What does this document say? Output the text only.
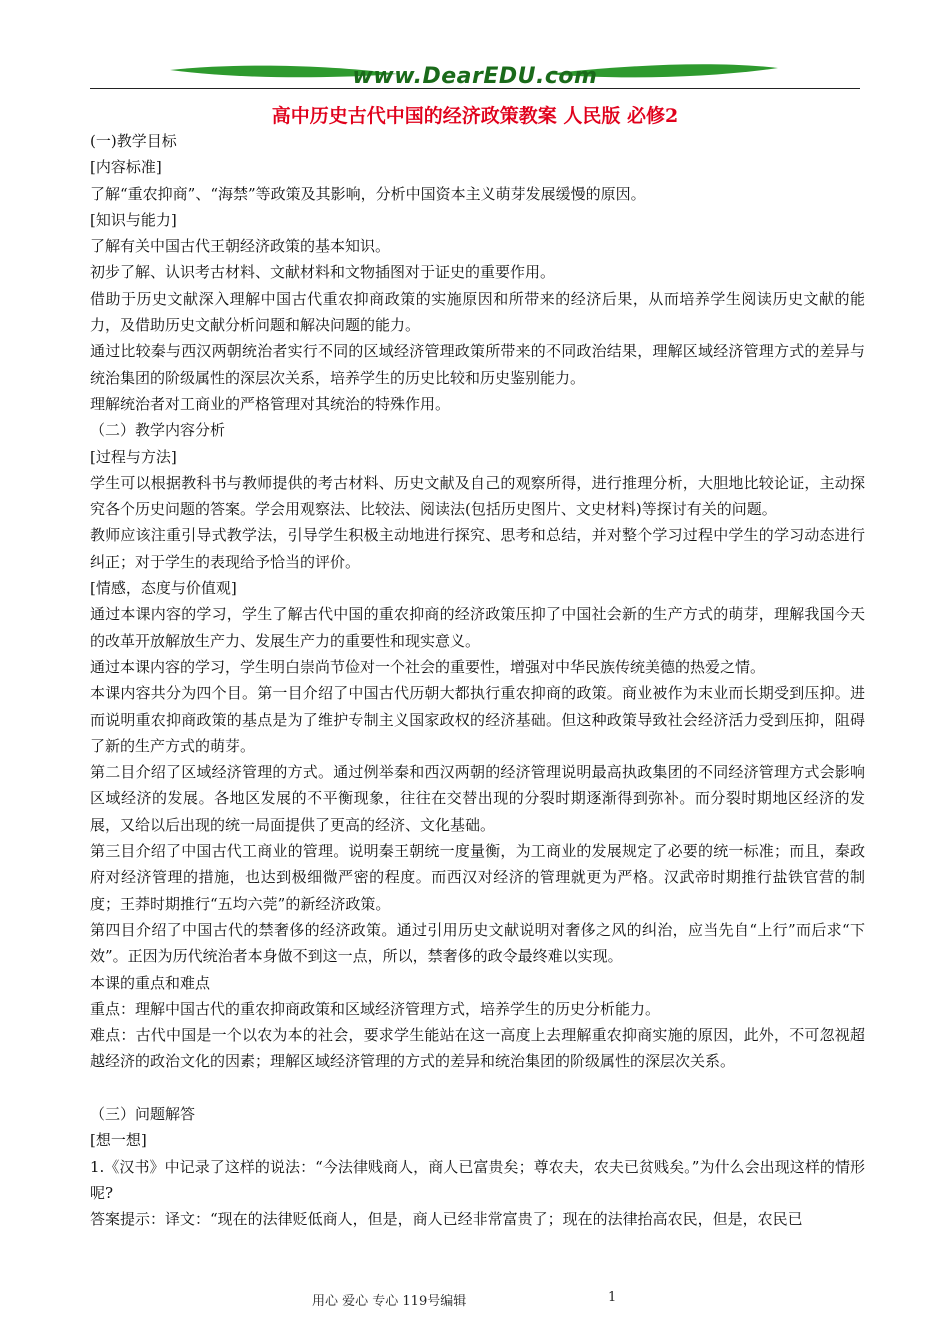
www.DearEDU.com
高中历史古代中国的经济政策教案 人民版 必修2

(一)教学目标

[内容标准]

了解“重农抑商”、“海禁”等政策及其影响，分析中国资本主义萌芽发展缓慢的原因。

[知识与能力]

了解有关中国古代王朝经济政策的基本知识。

初步了解、认识考古材料、文献材料和文物插图对于证史的重要作用。

借助于历史文献深入理解中国古代重农抑商政策的实施原因和所带来的经济后果，从而培养学生阅读历史文献的能力，及借助历史文献分析问题和解决问题的能力。

通过比较秦与西汉两朝统治者实行不同的区域经济管理政策所带来的不同政治结果，理解区域经济管理方式的差异与统治集团的阶级属性的深层次关系，培养学生的历史比较和历史鉴别能力。

理解统治者对工商业的严格管理对其统治的特殊作用。

（二）教学内容分析

[过程与方法]

学生可以根据教科书与教师提供的考古材料、历史文献及自己的观察所得，进行推理分析，大胆地比较论证，主动探究各个历史问题的答案。学会用观察法、比较法、阅读法(包括历史图片、文史材料)等探讨有关的问题。

教师应该注重引导式教学法，引导学生积极主动地进行探究、思考和总结，并对整个学习过程中学生的学习动态进行纠正；对于学生的表现给予恰当的评价。

[情感，态度与价值观]

通过本课内容的学习，学生了解古代中国的重农抑商的经济政策压抑了中国社会新的生产方式的萌芽，理解我国今天的改革开放解放生产力、发展生产力的重要性和现实意义。

通过本课内容的学习，学生明白崇尚节俭对一个社会的重要性，增强对中华民族传统美德的热爱之情。

本课内容共分为四个目。第一目介绍了中国古代历朝大都执行重农抑商的政策。商业被作为末业而长期受到压抑。进而说明重农抑商政策的基点是为了维护专制主义国家政权的经济基础。但这种政策导致社会经济活力受到压抑，阻碍了新的生产方式的萌芽。

第二目介绍了区域经济管理的方式。通过例举秦和西汉两朝的经济管理说明最高执政集团的不同经济管理方式会影响区域经济的发展。各地区发展的不平衡现象，往往在交替出现的分裂时期逐渐得到弥补。而分裂时期地区经济的发展，又给以后出现的统一局面提供了更高的经济、文化基础。

第三目介绍了中国古代工商业的管理。说明秦王朝统一度量衡，为工商业的发展规定了必要的统一标准；而且，秦政府对经济管理的措施，也达到极细微严密的程度。而西汉对经济的管理就更为严格。汉武帝时期推行盐铁官营的制度；王莽时期推行“五均六莞”的新经济政策。

第四目介绍了中国古代的禁奢侈的经济政策。通过引用历史文献说明对奢侈之风的纠治，应当先自“上行”而后求“下效”。正因为历代统治者本身做不到这一点，所以，禁奢侈的政令最终难以实现。

本课的重点和难点

重点：理解中国古代的重农抑商政策和区域经济管理方式，培养学生的历史分析能力。

难点：古代中国是一个以农为本的社会，要求学生能站在这一高度上去理解重农抑商实施的原因，此外，不可忽视超越经济的政治文化的因素；理解区域经济管理的方式的差异和统治集团的阶级属性的深层次关系。

（三）问题解答

[想一想]

1.《汉书》中记录了这样的说法：“今法律贱商人，商人已富贵矣；尊农夫，农夫已贫贱矣。”为什么会出现这样的情形呢?

答案提示：译文：“现在的法律贬低商人，但是，商人已经非常富贵了；现在的法律抬高农民，但是，农民已

用心 爱心 专心 119号编辑	1
